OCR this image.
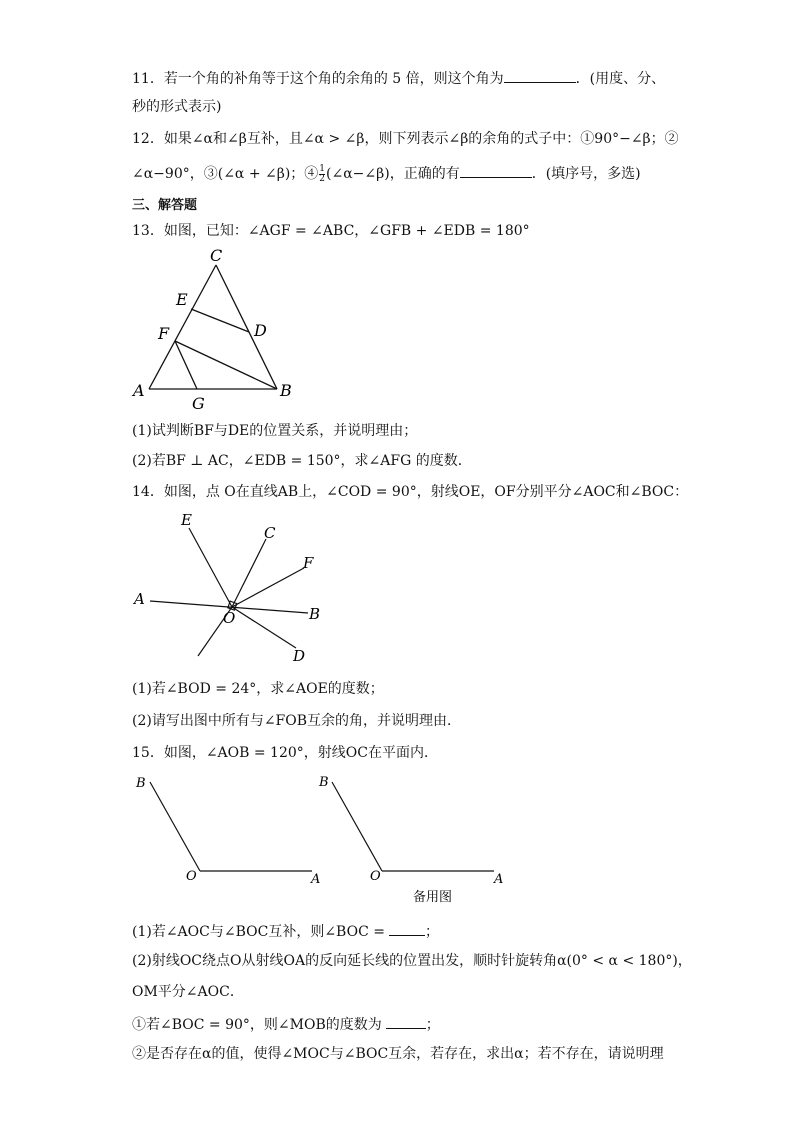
11．若一个角的补角等于这个角的余角的 5 倍，则这个角为	．(用度、分、
秒的形式表示)
12．如果∠α和∠β互补，且∠α > ∠β，则下列表示∠β的余角的式子中：①90°−∠β；②
∠α−90°，③(∠α + ∠β)；④ $\frac{1}{2}$ (∠α−∠β)，正确的有	．(填序号，多选)
三、解答题
13．如图，已知：∠AGF = ∠ABC，∠GFB + ∠EDB = 180°
C
E
D
F
A	B
G
(1)试判断BF与DE的位置关系，并说明理由；
(2)若BF ⊥ AC，∠EDB = 150°，求∠AFG 的度数．
14．如图，点 O在直线AB上，∠COD = 90°，射线OE，OF分别平分∠AOC和∠BOC：
E
C
F
A
O	B
D
(1)若∠BOD = 24°，求∠AOE的度数；
(2)请写出图中所有与∠FOB互余的角，并说明理由．
15．如图，∠AOB = 120°，射线OC在平面内．
B
O	A
B
O	A
备用图
(1)若∠AOC与∠BOC互补，则∠BOC =	；
(2)射线OC绕点O从射线OA的反向延长线的位置出发，顺时针旋转角α(0° < α < 180°)，
OM平分∠AOC．
①若∠BOC = 90°，则∠MOB的度数为	；
②是否存在α的值，使得∠MOC与∠BOC互余，若存在，求出α；若不存在，请说明理
